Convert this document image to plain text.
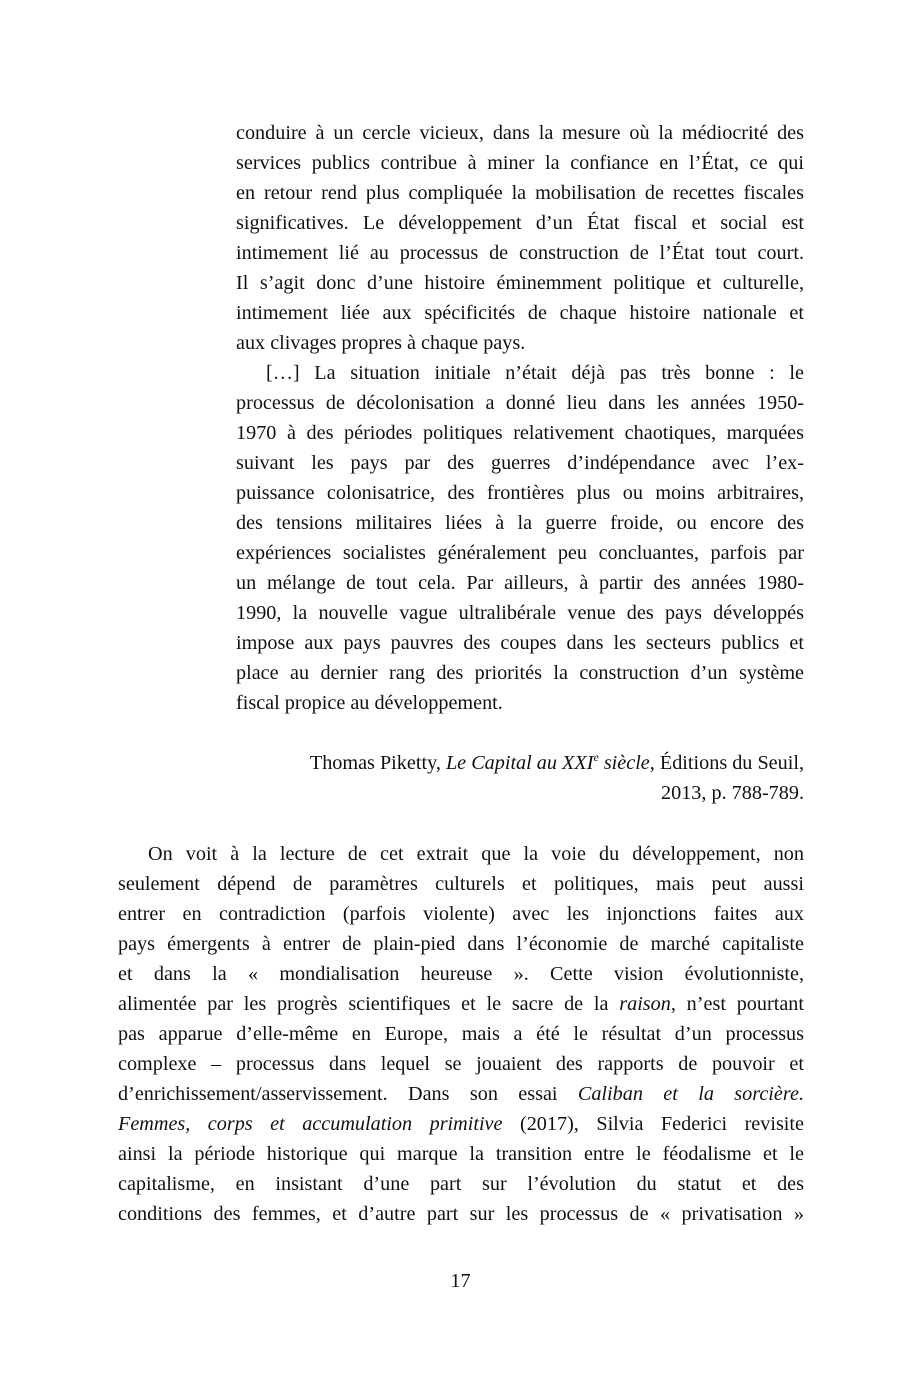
conduire à un cercle vicieux, dans la mesure où la médiocrité des
services publics contribue à miner la confiance en l’État, ce qui
en retour rend plus compliquée la mobilisation de recettes fiscales
significatives. Le développement d’un État fiscal et social est
intimement lié au processus de construction de l’État tout court.
Il s’agit donc d’une histoire éminemment politique et culturelle,
intimement liée aux spécificités de chaque histoire nationale et
aux clivages propres à chaque pays.
[…] La situation initiale n’était déjà pas très bonne : le
processus de décolonisation a donné lieu dans les années 1950-
1970 à des périodes politiques relativement chaotiques, marquées
suivant les pays par des guerres d’indépendance avec l’ex-
puissance colonisatrice, des frontières plus ou moins arbitraires,
des tensions militaires liées à la guerre froide, ou encore des
expériences socialistes généralement peu concluantes, parfois par
un mélange de tout cela. Par ailleurs, à partir des années 1980-
1990, la nouvelle vague ultralibérale venue des pays développés
impose aux pays pauvres des coupes dans les secteurs publics et
place au dernier rang des priorités la construction d’un système
fiscal propice au développement.
Thomas Piketty, Le Capital au XXIe siècle, Éditions du Seuil,
2013, p. 788-789.
On voit à la lecture de cet extrait que la voie du développement, non
seulement dépend de paramètres culturels et politiques, mais peut aussi
entrer en contradiction (parfois violente) avec les injonctions faites aux
pays émergents à entrer de plain-pied dans l’économie de marché capitaliste
et dans la « mondialisation heureuse ». Cette vision évolutionniste,
alimentée par les progrès scientifiques et le sacre de la raison, n’est pourtant
pas apparue d’elle-même en Europe, mais a été le résultat d’un processus
complexe – processus dans lequel se jouaient des rapports de pouvoir et
d’enrichissement/asservissement. Dans son essai Caliban et la sorcière.
Femmes, corps et accumulation primitive (2017), Silvia Federici revisite
ainsi la période historique qui marque la transition entre le féodalisme et le
capitalisme, en insistant d’une part sur l’évolution du statut et des
conditions des femmes, et d’autre part sur les processus de « privatisation »
17
